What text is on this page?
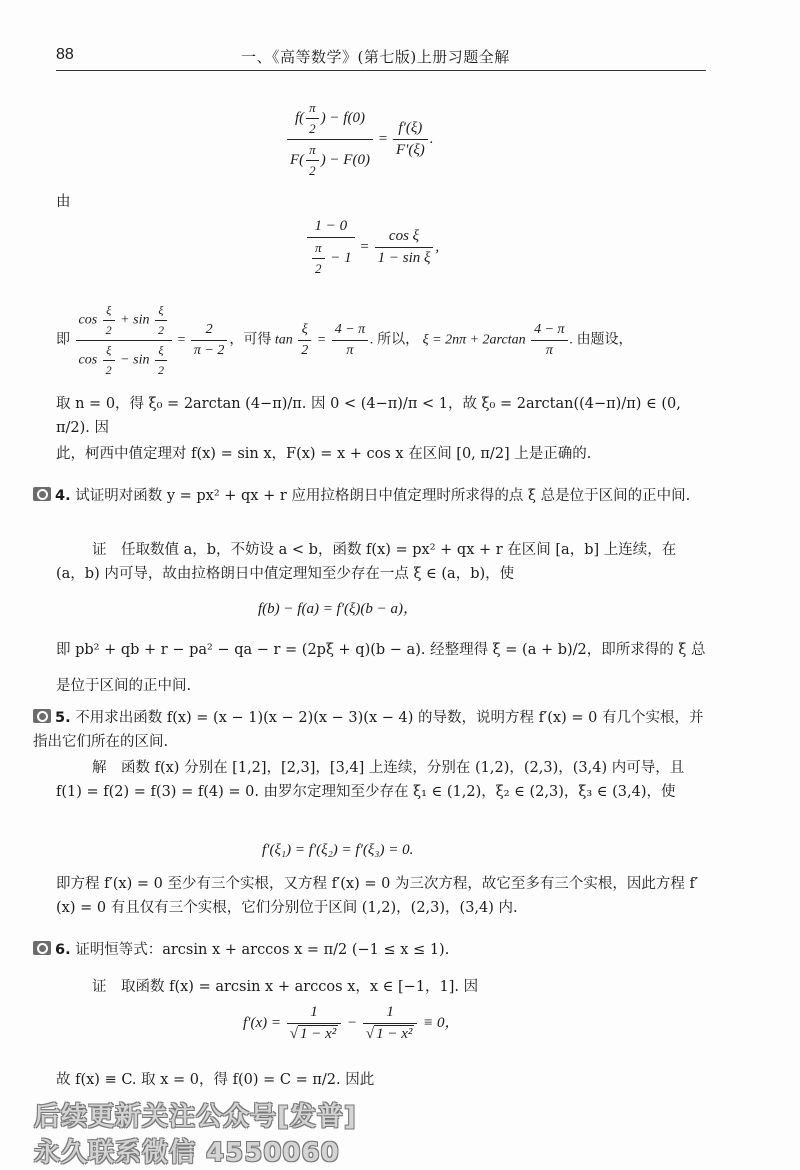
88	一、《高等数学》(第七版)上册习题全解
$\frac{f( \frac{\pi}{2} ) - f(0)}{F( \frac{\pi}{2} ) - F(0)} = \frac{f'(\xi)}{F'(\xi)}$ .
由
$\frac{1 - 0}{\frac{\pi}{2} - 1} = \frac{\text{cos ξ}}{\text{1 − sin ξ}}$ ,
即 $\frac{\cos \frac{\xi}{2} + \sin \frac{\xi}{2}}{\cos \frac{\xi}{2} - \sin \frac{\xi}{2}} = \frac{2}{\pi - 2}$ ，可得 $\tan \frac{\xi}{2} = \frac{4 - \pi}{\pi}$ . 所以， $\xi = 2n\pi + 2\arctan \frac{4 - \pi}{\pi}$ . 由题设，
取 n = 0，得 ξ₀ = 2arctan (4−π)/π. 因 0 < (4−π)/π < 1，故 ξ₀ = 2arctan((4−π)/π) ∈ (0, π/2). 因
此，柯西中值定理对 f(x) = sin x，F(x) = x + cos x 在区间 [0, π/2] 上是正确的.
4. 试证明对函数 y = px² + qx + r 应用拉格朗日中值定理时所求得的点 ξ 总是位于区间的正中间.
证　任取数值 a，b，不妨设 a < b，函数 f(x) = px² + qx + r 在区间 [a，b] 上连续，在 (a，b) 内可导，故由拉格朗日中值定理知至少存在一点 ξ ∈ (a，b)，使
f(b) − f(a) = f′(ξ)(b − a)，
即 pb² + qb + r − pa² − qa − r = (2pξ + q)(b − a). 经整理得 ξ = (a + b)/2，即所求得的 ξ 总是位于区间的正中间.
5. 不用求出函数 f(x) = (x − 1)(x − 2)(x − 3)(x − 4) 的导数，说明方程 f′(x) = 0 有几个实根，并指出它们所在的区间.
解　函数 f(x) 分别在 [1,2]，[2,3]，[3,4] 上连续，分别在 (1,2)，(2,3)，(3,4) 内可导，且 f(1) = f(2) = f(3) = f(4) = 0. 由罗尔定理知至少存在 ξ₁ ∈ (1,2)，ξ₂ ∈ (2,3)，ξ₃ ∈ (3,4)，使
f′(ξ₁) = f′(ξ₂) = f′(ξ₃) = 0.
即方程 f′(x) = 0 至少有三个实根，又方程 f′(x) = 0 为三次方程，故它至多有三个实根，因此方程 f′(x) = 0 有且仅有三个实根，它们分别位于区间 (1,2)，(2,3)，(3,4) 内.
6. 证明恒等式：arcsin x + arccos x = π/2 (−1 ≤ x ≤ 1).
证　取函数 f(x) = arcsin x + arccos x，x ∈ [−1，1]. 因
$f'(x) = \frac{1}{\text{√ 1 − x²}} - \frac{1}{\text{√ 1 − x²}} \equiv 0$，
故 f(x) ≡ C. 取 x = 0，得 f(0) = C = π/2. 因此
后续更新关注公众号[发普]
永久联系微信 4550060
